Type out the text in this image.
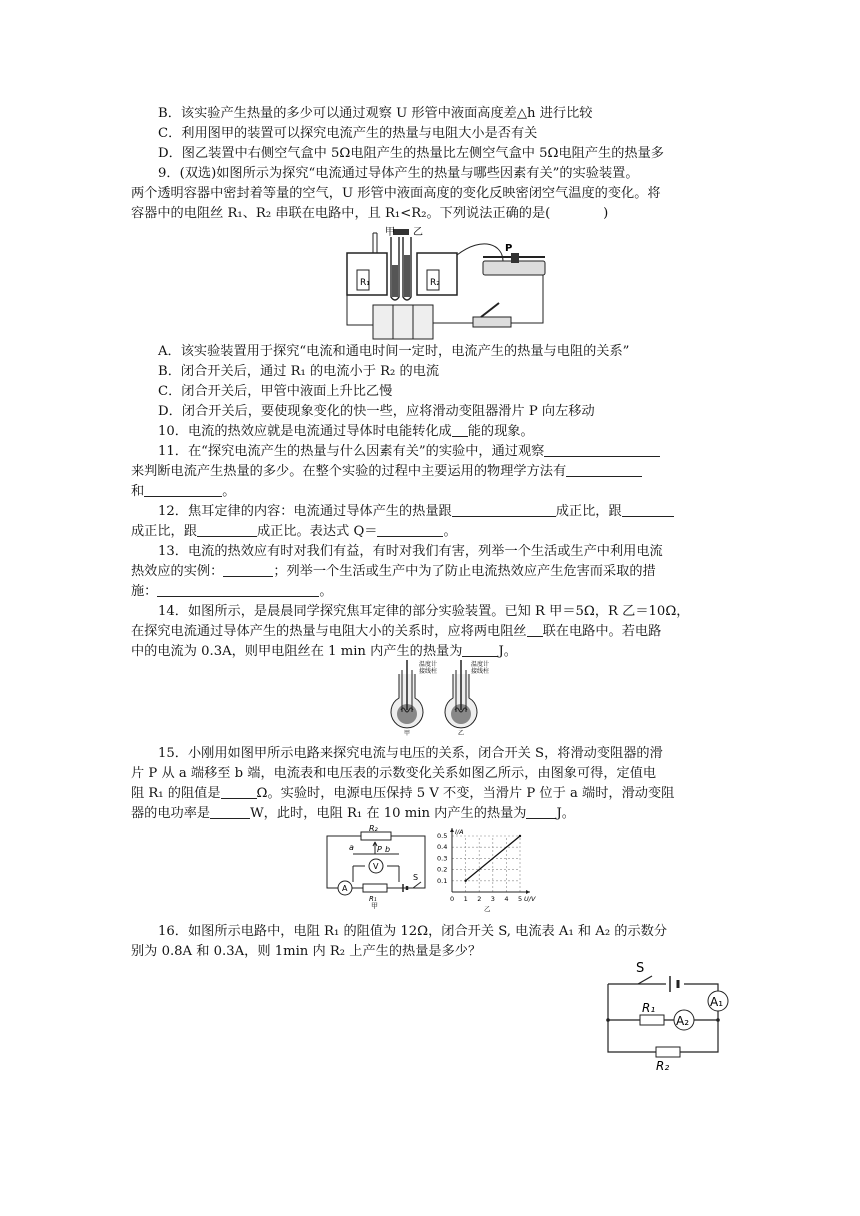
B．该实验产生热量的多少可以通过观察 U 形管中液面高度差△h 进行比较
C．利用图甲的装置可以探究电流产生的热量与电阻大小是否有关
D．图乙装置中右侧空气盒中 5Ω电阻产生的热量比左侧空气盒中 5Ω电阻产生的热量多
9．(双选)如图所示为探究“电流通过导体产生的热量与哪些因素有关”的实验装置。
两个透明容器中密封着等量的空气，U 形管中液面高度的变化反映密闭空气温度的变化。将
容器中的电阻丝 R₁、R₂ 串联在电路中，且 R₁<R₂。下列说法正确的是(　　　　)
R₁	R₂
甲 乙
P
A．该实验装置用于探究“电流和通电时间一定时，电流产生的热量与电阻的关系”
B．闭合开关后，通过 R₁ 的电流小于 R₂ 的电流
C．闭合开关后，甲管中液面上升比乙慢
D．闭合开关后，要使现象变化的快一些，应将滑动变阻器滑片 P 向左移动
10．电流的热效应就是电流通过导体时电能转化成 能的现象。
11．在“探究电流产生的热量与什么因素有关”的实验中，通过观察
来判断电流产生热量的多少。在整个实验的过程中主要运用的物理学方法有
和	。
12．焦耳定律的内容：电流通过导体产生的热量跟	成正比，跟
成正比，跟	成正比。表达式 Q＝	。
13．电流的热效应有时对我们有益，有时对我们有害，列举一个生活或生产中利用电流
热效应的实例：	；列举一个生活或生产中为了防止电流热效应产生危害而采取的措
施：	。
14．如图所示，是晨晨同学探究焦耳定律的部分实验装置。已知 R 甲＝5Ω，R 乙＝10Ω，
在探究电流通过导体产生的热量与电阻大小的关系时，应将两电阻丝 联在电路中。若电路
中的电流为 0.3A，则甲电阻丝在 1 min 内产生的热量为	J。
温度计
接线柱
甲
温度计
接线柱
乙
15．小刚用如图甲所示电路来探究电流与电压的关系，闭合开关 S，将滑动变阻器的滑
片 P 从 a 端移至 b 端，电流表和电压表的示数变化关系如图乙所示，由图象可得，定值电
阻 R₁ 的阻值是	Ω。实验时，电源电压保持 5 V 不变，当滑片 P 位于 a 端时，滑动变阻
器的电功率是	W，此时，电阻 R₁ 在 10 min 内产生的热量为 J。
R₂
a	P b
V
A
R₁
S
甲
0 1 2 3 4 5
0.1
0.2
0.3
0.4
0.5
U/V
I/A
乙
16．如图所示电路中，电阻 R₁ 的阻值为 12Ω，闭合开关 S, 电流表 A₁ 和 A₂ 的示数分
别为 0.8A 和 0.3A，则 1min 内 R₂ 上产生的热量是多少？
S
A₁
R₁
A₂
R₂
